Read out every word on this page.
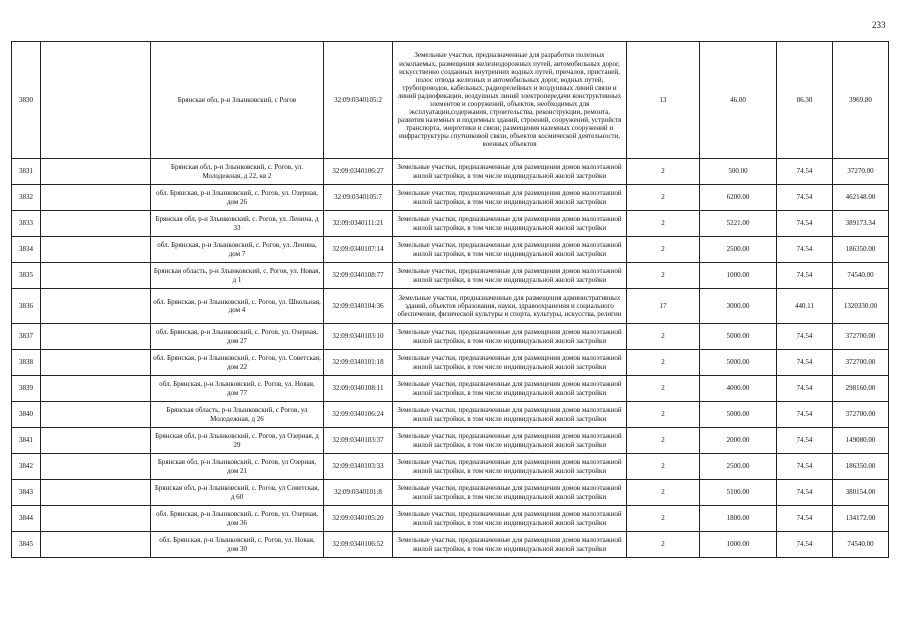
233
3830		Брянская обл, р-н Злынковский, с Рогов	32:09:0340105:2	Земельные участки, предназначенные для разработки полезных ископаемых, размещения железнодорожных путей, автомобильных дорог, искусственно созданных внутренних водных путей, причалов, пристаней, полос отвода железных и автомобильных дорог, водных путей, трубопроводов, кабельных, радиорелейных и воздушных линий связи и линий радиофикации, воздушных линий электропередачи конструктивных элементов и сооружений, объектов, необходимых для эксплуатации,содержания, строительства, реконструкции, ремонта, развития наземных и подземных зданий, строений, сооружений, устройств транспорта, энергетики и связи; размещения наземных сооружений и инфраструктуры спутниковой связи, объектов космической деятельности, военных объектов	13	46.00	86.30	3969.80
3831		Брянская обл, р-н Злынковский, с. Рогов, ул. Молодежная, д 22, кв 2	32:09:0340106:27	Земельные участки, предназначенные для размещения домов малоэтажной жилой застройки, в том числе индивидуальной жилой застройки	2	500.00	74.54	37270.00
3832		обл. Брянская, р-н Злынковский, с. Рогов, ул. Озерная, дом 26	32:09:0340105:7	Земельные участки, предназначенные для размещения домов малоэтажной жилой застройки, в том числе индивидуальной жилой застройки	2	6200.00	74.54	462148.00
3833		Брянская обл, р-н Злынковский, с. Рогов, ул. Ленина, д 33	32:09:0340111:21	Земельные участки, предназначенные для размещения домов малоэтажной жилой застройки, в том числе индивидуальной жилой застройки	2	5221.00	74.54	389173.34
3834		обл. Брянская, р-н Злынковский, с. Рогов, ул. Ленина, дом 7	32:09:0340107:14	Земельные участки, предназначенные для размещения домов малоэтажной жилой застройки, в том числе индивидуальной жилой застройки	2	2500.00	74.54	186350.00
3835		Брянская область, р-н Злынковский, с. Рогов, ул. Новая, д 1	32:09:0340108:77	Земельные участки, предназначенные для размещения домов малоэтажной жилой застройки, в том числе индивидуальной жилой застройки	2	1000.00	74.54	74540.00
3836		обл. Брянская, р-н Злынковский, с. Рогов, ул. Школьная, дом 4	32:09:0340104:36	Земельные участки, предназначенные для размещения административных зданий, объектов образования, науки, здравоохранения и социального обеспечения, физической культуры и спорта, культуры, искусства, религии	17	3000.00	440.11	1320330.00
3837		обл. Брянская, р-н Злынковский, с. Рогов, ул. Озерная, дом 27	32:09:0340103:10	Земельные участки, предназначенные для размещения домов малоэтажной жилой застройки, в том числе индивидуальной жилой застройки	2	5000.00	74.54	372700.00
3838		обл. Брянская, р-н Злынковский, с. Рогов, ул. Советская, дом 22	32:09:0340101:18	Земельные участки, предназначенные для размещения домов малоэтажной жилой застройки, в том числе индивидуальной жилой застройки	2	5000.00	74.54	372700.00
3839		обл. Брянская, р-н Злынковский, с. Рогов, ул. Новая, дом 77	32:09:0340108:11	Земельные участки, предназначенные для размещения домов малоэтажной жилой застройки, в том числе индивидуальной жилой застройки	2	4000.00	74.54	298160.00
3840		Брянская область, р-н Злынковский, с Рогов, ул Молодежная, д 26	32:09:0340106:24	Земельные участки, предназначенные для размещения домов малоэтажной жилой застройки, в том числе индивидуальной жилой застройки	2	5000.00	74.54	372700.00
3841		Брянская обл, р-н Злынковский, с. Рогов, ул Озерная, д 29	32:09:0340103:37	Земельные участки, предназначенные для размещения домов малоэтажной жилой застройки, в том числе индивидуальной жилой застройки	2	2000.00	74.54	149080.00
3842		Брянская обл, р-н Злынковский, с. Рогов, ул Озерная, дом 21	32:09:0340103:33	Земельные участки, предназначенные для размещения домов малоэтажной жилой застройки, в том числе индивидуальной жилой застройки	2	2500.00	74.54	186350.00
3843		Брянская обл, р-н Злынковский, с. Рогов, ул Советская, д 60	32:09:0340101:8	Земельные участки, предназначенные для размещения домов малоэтажной жилой застройки, в том числе индивидуальной жилой застройки	2	5100.00	74.54	380154.00
3844		обл. Брянская, р-н Злынковский, с. Рогов, ул. Озерная, дом 36	32:09:0340105:20	Земельные участки, предназначенные для размещения домов малоэтажной жилой застройки, в том числе индивидуальной жилой застройки	2	1800.00	74.54	134172.00
3845		обл. Брянская, р-н Злынковский, с. Рогов, ул. Новая, дом 30	32:09:0340106:52	Земельные участки, предназначенные для размещения домов малоэтажной жилой застройки, в том числе индивидуальной жилой застройки	2	1000.00	74.54	74540.00
